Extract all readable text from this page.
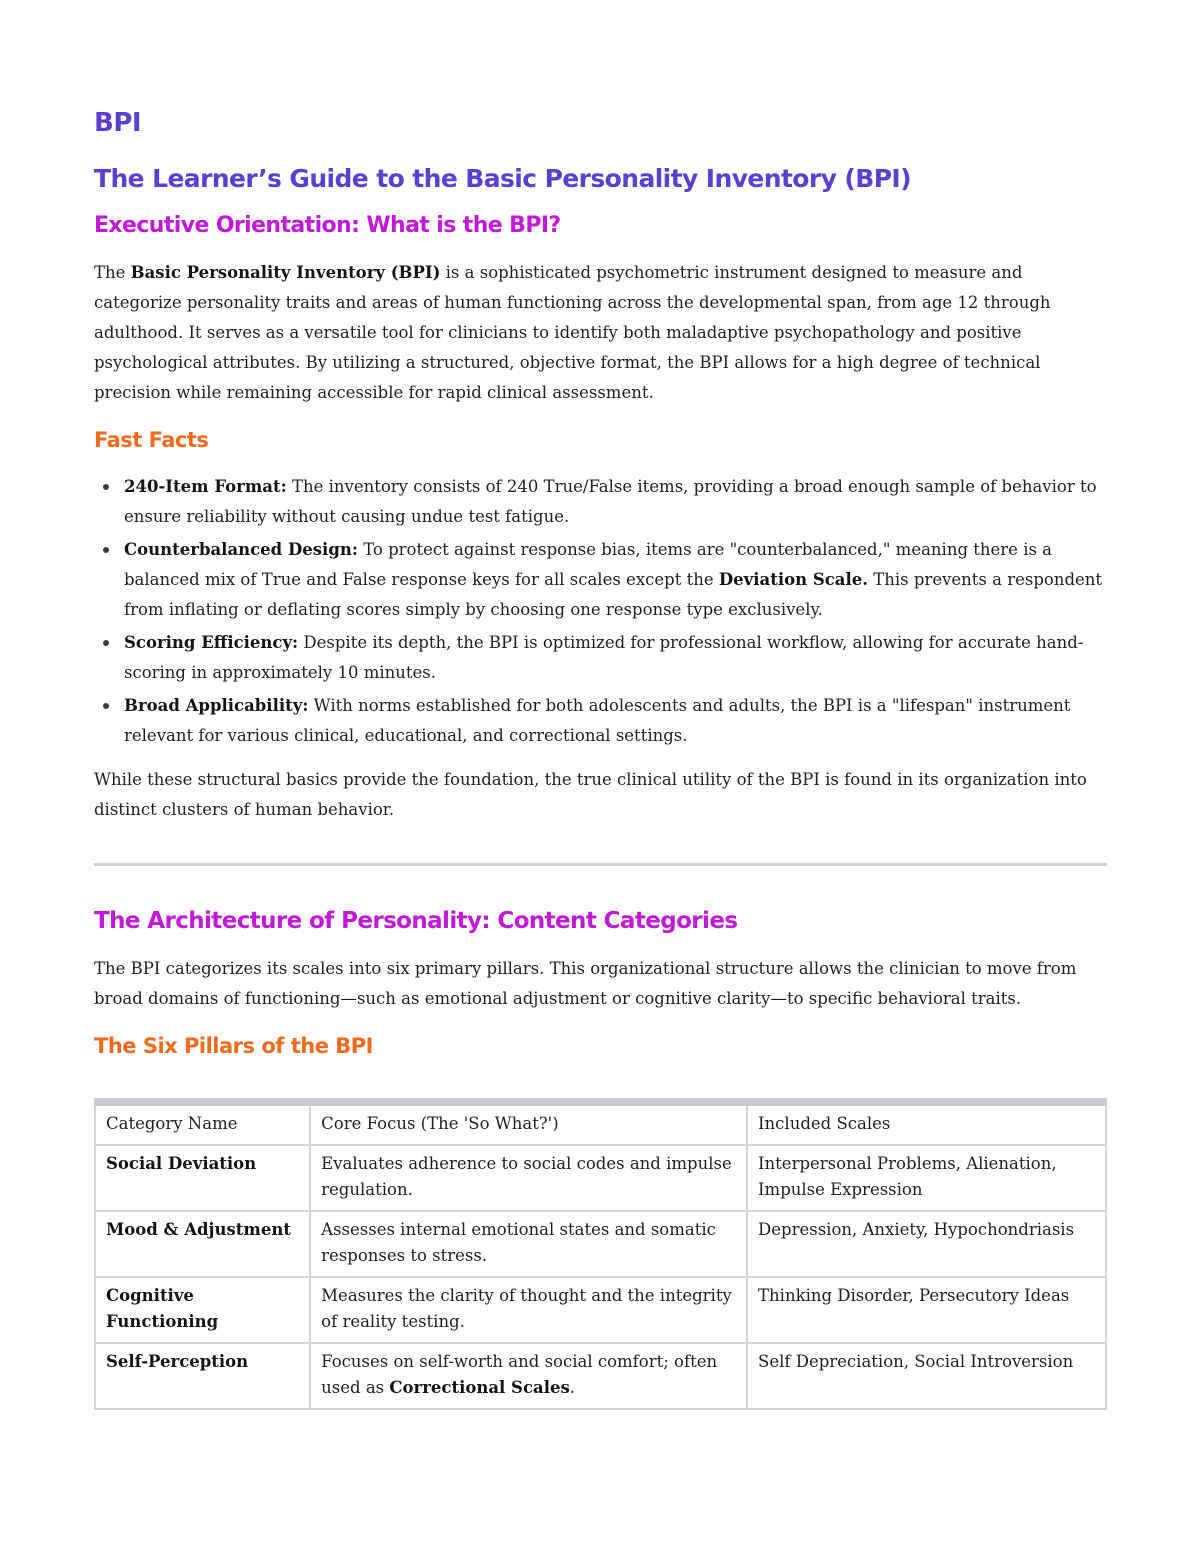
BPI
The Learner’s Guide to the Basic Personality Inventory (BPI)
Executive Orientation: What is the BPI?

The Basic Personality Inventory (BPI) is a sophisticated psychometric instrument designed to measure and categorize personality traits and areas of human functioning across the developmental span, from age 12 through adulthood. It serves as a versatile tool for clinicians to identify both maladaptive psychopathology and positive psychological attributes. By utilizing a structured, objective format, the BPI allows for a high degree of technical precision while remaining accessible for rapid clinical assessment.

Fast Facts
240-Item Format: The inventory consists of 240 True/False items, providing a broad enough sample of behavior to ensure reliability without causing undue test fatigue.
Counterbalanced Design: To protect against response bias, items are "counterbalanced," meaning there is a balanced mix of True and False response keys for all scales except the Deviation Scale. This prevents a respondent from inflating or deflating scores simply by choosing one response type exclusively.
Scoring Efficiency: Despite its depth, the BPI is optimized for professional workflow, allowing for accurate hand-scoring in approximately 10 minutes.
Broad Applicability: With norms established for both adolescents and adults, the BPI is a "lifespan" instrument relevant for various clinical, educational, and correctional settings.

While these structural basics provide the foundation, the true clinical utility of the BPI is found in its organization into distinct clusters of human behavior.

The Architecture of Personality: Content Categories

The BPI categorizes its scales into six primary pillars. This organizational structure allows the clinician to move from broad domains of functioning—such as emotional adjustment or cognitive clarity—to specific behavioral traits.

The Six Pillars of the BPI
Category Name	Core Focus (The 'So What?')	Included Scales
Social Deviation	Evaluates adherence to social codes and impulse regulation.	Interpersonal Problems, Alienation, Impulse Expression
Mood & Adjustment	Assesses internal emotional states and somatic responses to stress.	Depression, Anxiety, Hypochondriasis
Cognitive Functioning	Measures the clarity of thought and the integrity of reality testing.	Thinking Disorder, Persecutory Ideas
Self-Perception	Focuses on self-worth and social comfort; often used as Correctional Scales.	Self Depreciation, Social Introversion
